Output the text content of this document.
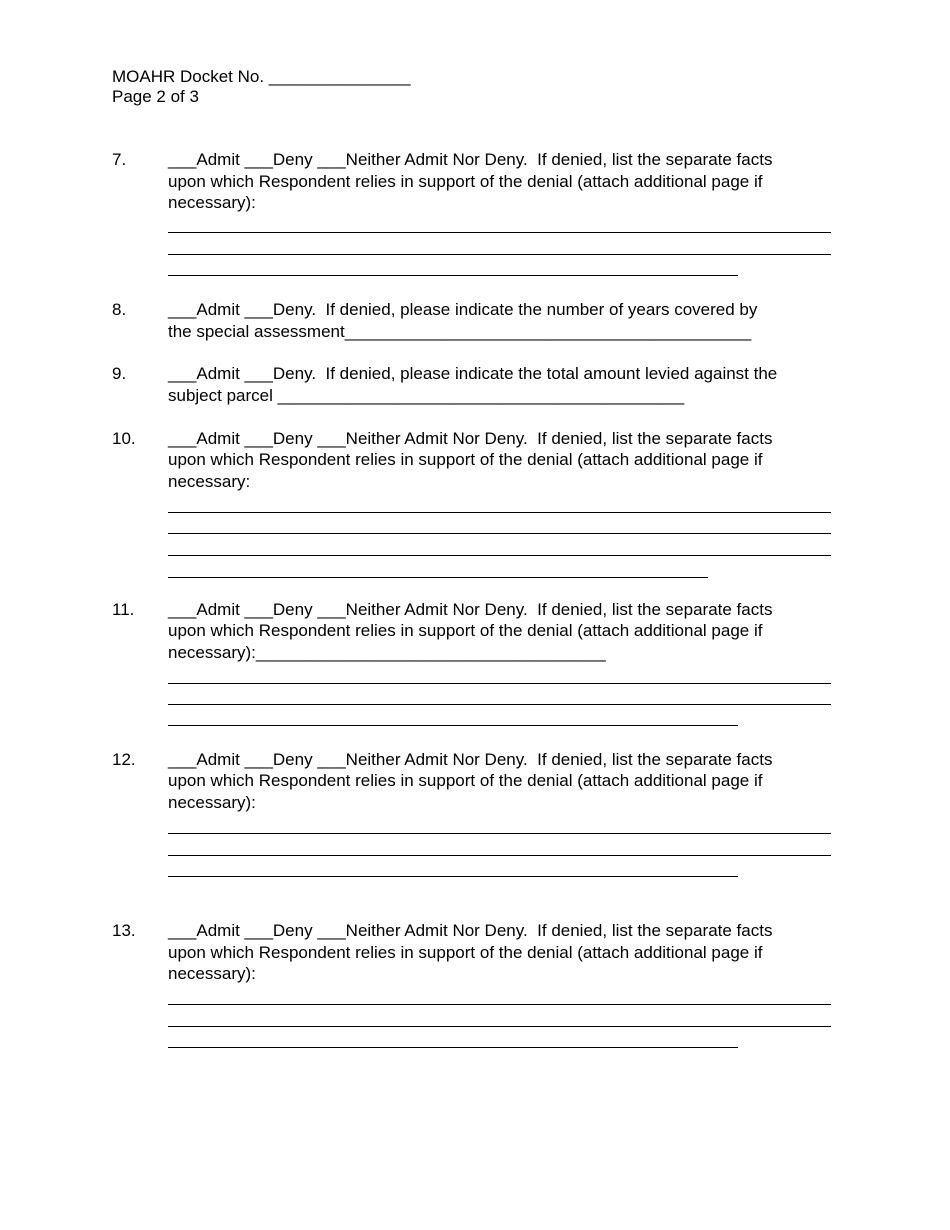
MOAHR Docket No. _______________
Page 2 of 3
7. ___Admit ___Deny ___Neither Admit Nor Deny.  If denied, list the separate facts
upon which Respondent relies in support of the denial (attach additional page if
necessary):
8. ___Admit ___Deny.  If denied, please indicate the number of years covered by
the special assessment___________________________________________
9. ___Admit ___Deny.  If denied, please indicate the total amount levied against the
subject parcel ___________________________________________
10. ___Admit ___Deny ___Neither Admit Nor Deny.  If denied, list the separate facts
upon which Respondent relies in support of the denial (attach additional page if
necessary:
11. ___Admit ___Deny ___Neither Admit Nor Deny.  If denied, list the separate facts
upon which Respondent relies in support of the denial (attach additional page if
necessary):_____________________________________
12. ___Admit ___Deny ___Neither Admit Nor Deny.  If denied, list the separate facts
upon which Respondent relies in support of the denial (attach additional page if
necessary):
13. ___Admit ___Deny ___Neither Admit Nor Deny.  If denied, list the separate facts
upon which Respondent relies in support of the denial (attach additional page if
necessary):
